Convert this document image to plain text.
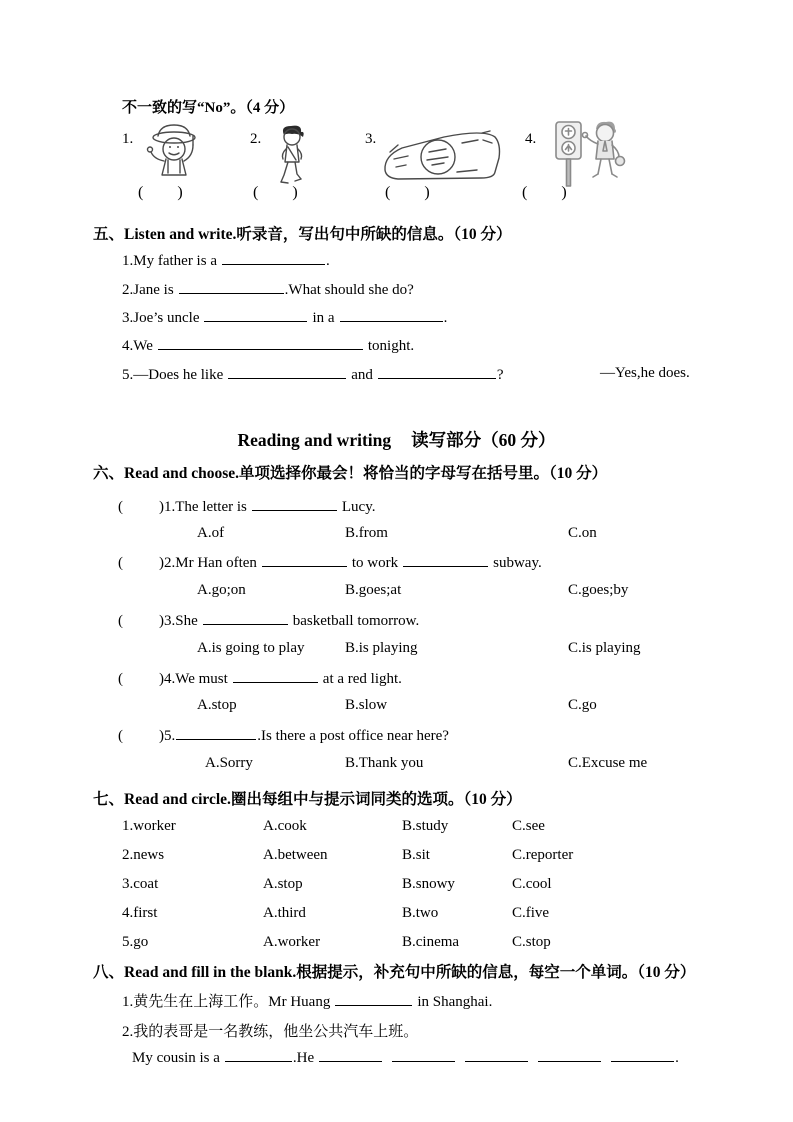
不一致的写“No”。（4 分）
1.	2.	3.	4.
( )	( )	( )	( )
五、Listen and write.听录音，写出句中所缺的信息。（10 分）
1.My father is a	.
2.Jane is	.What should she do?
3.Joe’s uncle	in a	.
4.We	tonight.
5.—Does he like	and	?	—Yes,he does.
Reading and writing 读写部分（60 分）
六、Read and choose.单项选择你最会！将恰当的字母写在括号里。（10 分）
( )1.The letter is	Lucy.
A.of	B.from	C.on
( )2.Mr Han often	to work	subway.
A.go;on	B.goes;at	C.goes;by
( )3.She	basketball tomorrow.
A.is going to play	B.is playing	C.is playing
( )4.We must	at a red light.
A.stop	B.slow	C.go
( )5.	.Is there a post office near here?
A.Sorry	B.Thank you	C.Excuse me
七、Read and circle.圈出每组中与提示词同类的选项。（10 分）
1.worker	A.cook	B.study	C.see
2.news	A.between	B.sit	C.reporter
3.coat	A.stop	B.snowy	C.cool
4.first	A.third	B.two	C.five
5.go	A.worker	B.cinema	C.stop
八、Read and fill in the blank.根据提示，补充句中所缺的信息，每空一个单词。（10 分）
1.黄先生在上海工作。Mr Huang	in Shanghai.
2.我的表哥是一名教练，他坐公共汽车上班。
My cousin is a	.He	.
